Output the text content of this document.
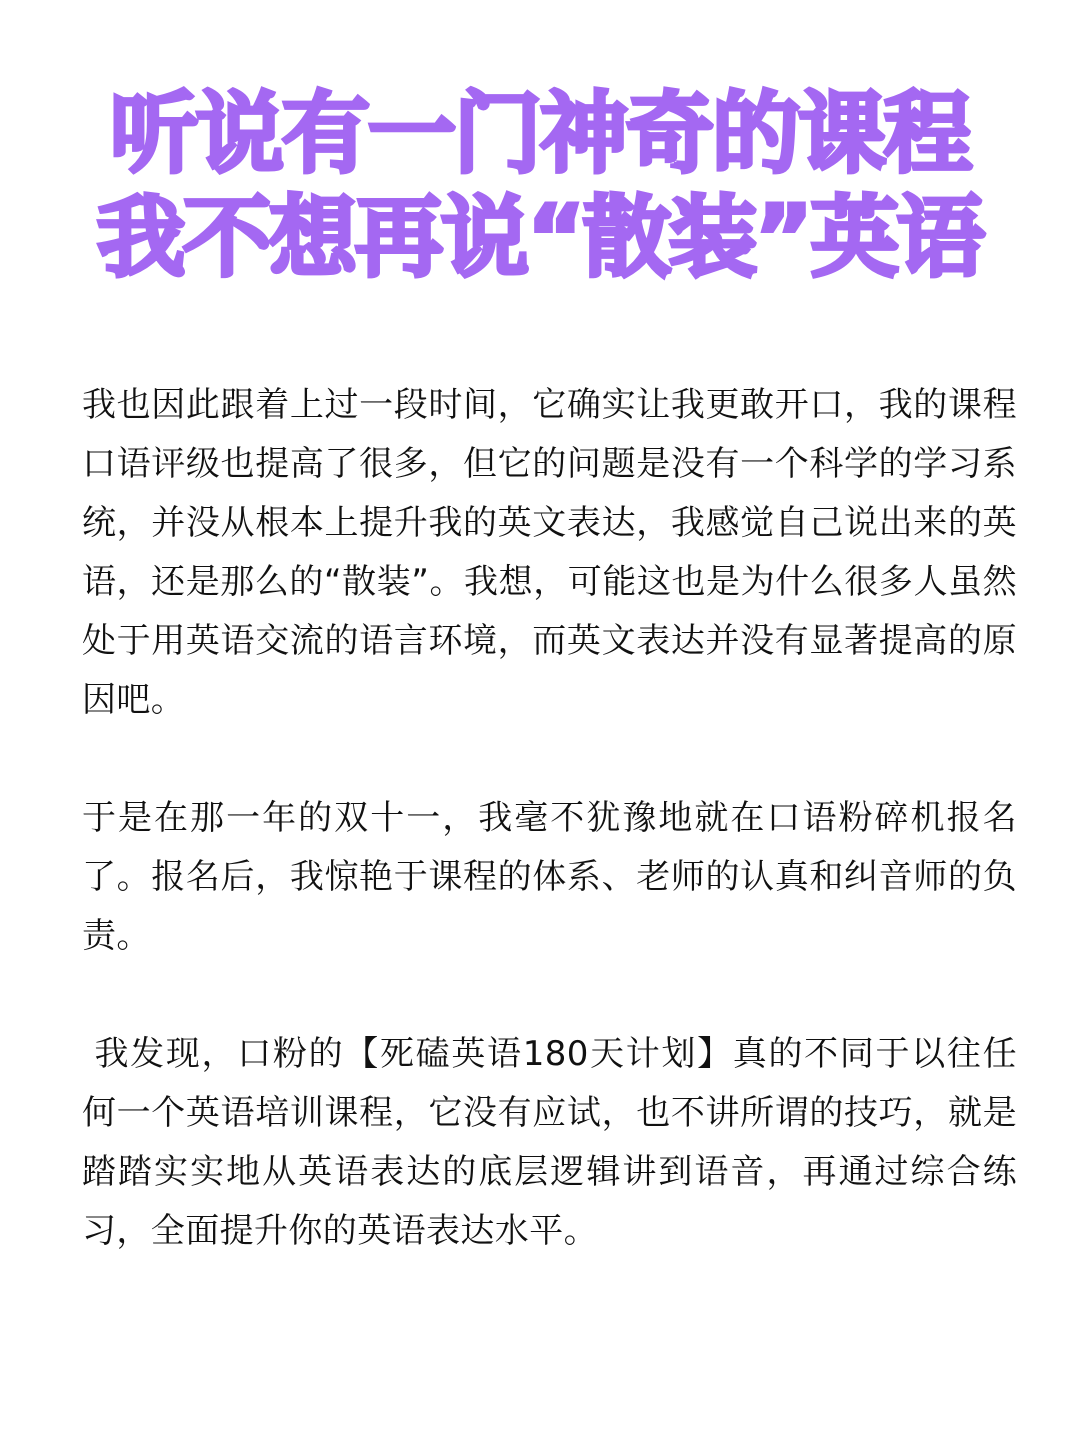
听说有一门神奇的课程
我不想再说“散装”英语

我也因此跟着上过一段时间，它确实让我更敢开口，我的课程口语评级也提高了很多，但它的问题是没有一个科学的学习系统，并没从根本上提升我的英文表达，我感觉自己说出来的英语，还是那么的“散装”。我想，可能这也是为什么很多人虽然处于用英语交流的语言环境，而英文表达并没有显著提高的原因吧。

于是在那一年的双十一，我毫不犹豫地就在口语粉碎机报名了。报名后，我惊艳于课程的体系、老师的认真和纠音师的负责。

我发现，口粉的【死磕英语180天计划】真的不同于以往任何一个英语培训课程，它没有应试，也不讲所谓的技巧，就是踏踏实实地从英语表达的底层逻辑讲到语音，再通过综合练习，全面提升你的英语表达水平。
